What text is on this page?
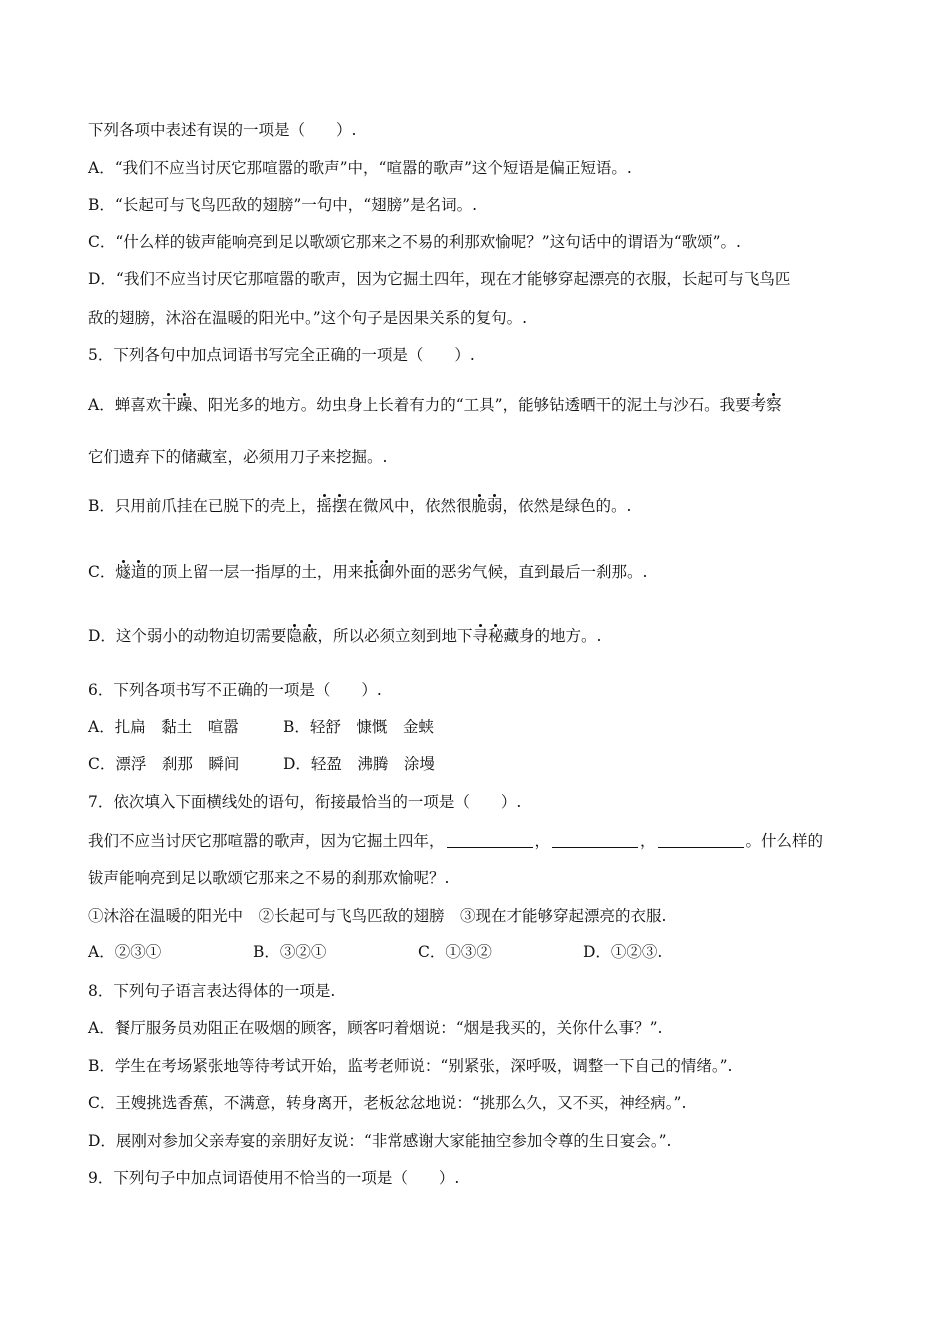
下列各项中表述有误的一项是（　　）.
A．“我们不应当讨厌它那喧嚣的歌声”中，“喧嚣的歌声”这个短语是偏正短语。.
B．“长起可与飞鸟匹敌的翅膀”一句中，“翅膀”是名词。.
C．“什么样的钹声能响亮到足以歌颂它那来之不易的利那欢愉呢？”这句话中的谓语为“歌颂”。.
D．“我们不应当讨厌它那喧嚣的歌声，因为它掘土四年，现在才能够穿起漂亮的衣服，长起可与飞鸟匹
敌的翅膀，沐浴在温暖的阳光中。”这个句子是因果关系的复句。.
5．下列各句中加点词语书写完全正确的一项是（　　）.
A．蝉喜欢干躁、阳光多的地方。幼虫身上长着有力的“工具”，能够钻透晒干的泥土与沙石。我要考察
它们遗弃下的储藏室，必须用刀子来挖掘。.
B．只用前爪挂在已脱下的壳上，摇摆在微风中，依然很脆弱，依然是绿色的。.
C．燧道的顶上留一层一指厚的土，用来抵御外面的恶劣气候，直到最后一刹那。.
D．这个弱小的动物迫切需要隐蔽，所以必须立刻到地下寻秘藏身的地方。.
6．下列各项书写不正确的一项是（　　）.
A．扎扁　黏土　喧嚣	B．轻舒　慷慨　金蛱
C．漂浮　刹那　瞬间	D．轻盈　沸腾　涂墁
7．依次填入下面横线处的语句，衔接最恰当的一项是（　　）.
我们不应当讨厌它那喧嚣的歌声，因为它掘土四年，	，	，	。什么样的
钹声能响亮到足以歌颂它那来之不易的刹那欢愉呢？.
①沐浴在温暖的阳光中　②长起可与飞鸟匹敌的翅膀　③现在才能够穿起漂亮的衣服.
A．②③①	B．③②①	C．①③②	D．①②③.
8．下列句子语言表达得体的一项是.
A．餐厅服务员劝阻正在吸烟的顾客，顾客叼着烟说：“烟是我买的，关你什么事？”.
B．学生在考场紧张地等待考试开始，监考老师说：“别紧张，深呼吸，调整一下自己的情绪。”.
C．王嫂挑选香蕉，不满意，转身离开，老板忿忿地说：“挑那么久，又不买，神经病。”.
D．展刚对参加父亲寿宴的亲朋好友说：“非常感谢大家能抽空参加令尊的生日宴会。”.
9．下列句子中加点词语使用不恰当的一项是（　　）.
